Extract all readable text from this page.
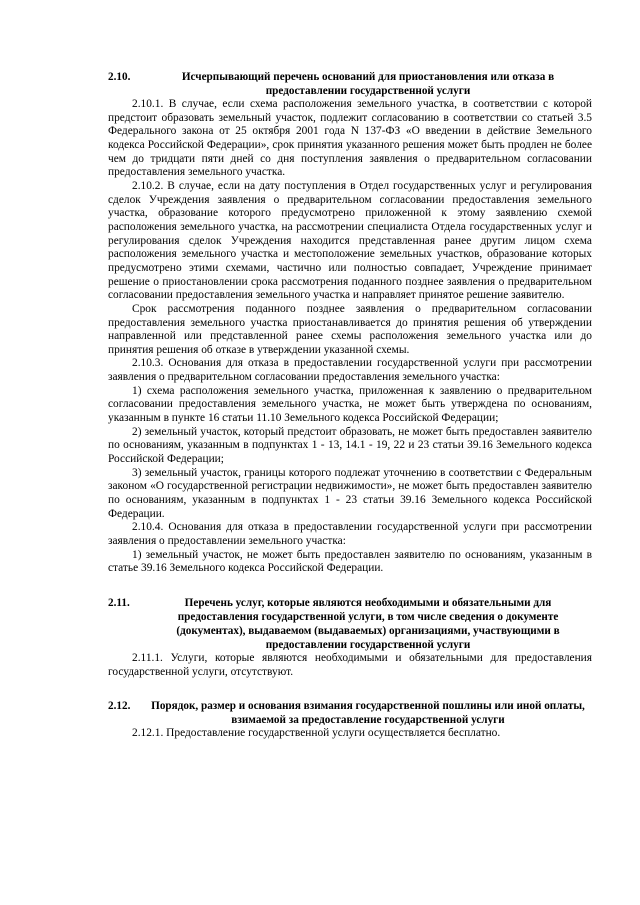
2.10.	Исчерпывающий перечень оснований для приостановления или отказа в предоставлении государственной услуги

2.10.1. В случае, если схема расположения земельного участка, в соответствии с которой предстоит образовать земельный участок, подлежит согласованию в соответствии со статьей 3.5 Федерального закона от 25 октября 2001 года N 137-ФЗ «О введении в действие Земельного кодекса Российской Федерации», срок принятия указанного решения может быть продлен не более чем до тридцати пяти дней со дня поступления заявления о предварительном согласовании предоставления земельного участка.

2.10.2. В случае, если на дату поступления в Отдел государственных услуг и регулирования сделок Учреждения заявления о предварительном согласовании предоставления земельного участка, образование которого предусмотрено приложенной к этому заявлению схемой расположения земельного участка, на рассмотрении специалиста Отдела государственных услуг и регулирования сделок Учреждения находится представленная ранее другим лицом схема расположения земельного участка и местоположение земельных участков, образование которых предусмотрено этими схемами, частично или полностью совпадает, Учреждение принимает решение о приостановлении срока рассмотрения поданного позднее заявления о предварительном согласовании предоставления земельного участка и направляет принятое решение заявителю.

Срок рассмотрения поданного позднее заявления о предварительном согласовании предоставления земельного участка приостанавливается до принятия решения об утверждении направленной или представленной ранее схемы расположения земельного участка или до принятия решения об отказе в утверждении указанной схемы.

2.10.3. Основания для отказа в предоставлении государственной услуги при рассмотрении заявления о предварительном согласовании предоставления земельного участка:

1) схема расположения земельного участка, приложенная к заявлению о предварительном согласовании предоставления земельного участка, не может быть утверждена по основаниям, указанным в пункте 16 статьи 11.10 Земельного кодекса Российской Федерации;

2) земельный участок, который предстоит образовать, не может быть предоставлен заявителю по основаниям, указанным в подпунктах 1 - 13, 14.1 - 19, 22 и 23 статьи 39.16 Земельного кодекса Российской Федерации;

3) земельный участок, границы которого подлежат уточнению в соответствии с Федеральным законом «О государственной регистрации недвижимости», не может быть предоставлен заявителю по основаниям, указанным в подпунктах 1 - 23 статьи 39.16 Земельного кодекса Российской Федерации.

2.10.4. Основания для отказа в предоставлении государственной услуги при рассмотрении заявления о предоставлении земельного участка:

1) земельный участок, не может быть предоставлен заявителю по основаниям, указанным в статье 39.16 Земельного кодекса Российской Федерации.

2.11.	Перечень услуг, которые являются необходимыми и обязательными для предоставления государственной услуги, в том числе сведения о документе (документах), выдаваемом (выдаваемых) организациями, участвующими в предоставлении государственной услуги

2.11.1. Услуги, которые являются необходимыми и обязательными для предоставления государственной услуги, отсутствуют.

2.12.	Порядок, размер и основания взимания государственной пошлины или иной оплаты, взимаемой за предоставление государственной услуги

2.12.1. Предоставление государственной услуги осуществляется бесплатно.
